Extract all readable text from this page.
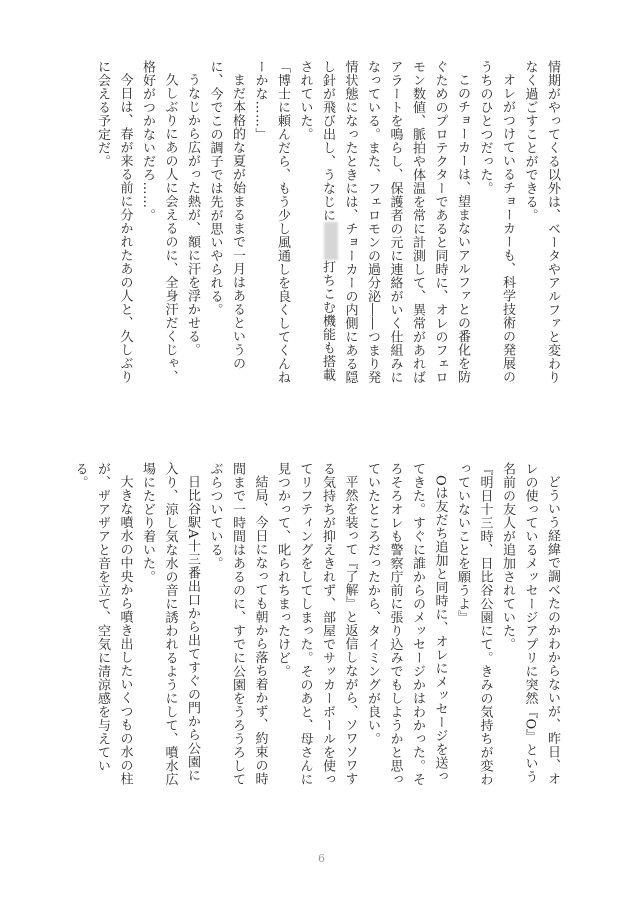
情期がやってくる以外は、ベータやアルファと変わりなく過ごすことができる。

オレがつけているチョーカーも、科学技術の発展のうちのひとつだった。

このチョーカーは、望まないアルファとの番化を防ぐためのプロテクターであると同時に、オレのフェロモン数値、脈拍や体温を常に計測して、異常があればアラートを鳴らし、保護者の元に連絡がいく仕組みになっている。また、フェロモンの過分泌――つまり発情状態になったときには、チョーカーの内側にある隠し針が飛び出し、うなじに打ちこむ機能も搭載されていた。

「博士に頼んだら、もう少し風通しを良くしてくんねーかな……」

まだ本格的な夏が始まるまで一月はあるというのに、今でこの調子では先が思いやられる。

うなじから広がった熱が、額に汗を浮かせる。

久しぶりにあの人に会えるのに、全身汗だくじゃ、格好がつかないだろ……。

今日は、春が来る前に分かれたあの人と、久しぶりに会える予定だ。

どういう経緯で調べたのかわからないが、昨日、オレの使っているメッセージアプリに突然『O』という名前の友人が追加されていた。

『明日十三時、日比谷公園にて。きみの気持ちが変わっていないことを願うよ』

Oは友だち追加と同時に、オレにメッセージを送ってきた。すぐに誰からのメッセージかはわかった。そろそろオレも警察庁前に張り込みでもしようかと思っていたところだったから、タイミングが良い。

平然を装って『了解』と返信しながら、ソワソワする気持ちが抑えきれず、部屋でサッカーボールを使ってリフティングをしてしまった。そのあと、母さんに見つかって、叱られちまったけど。

結局、今日になっても朝から落ち着かず、約束の時間まで一時間はあるのに、すでに公園をうろうろしてぶらついている。

日比谷駅A十三番出口から出てすぐの門から公園に入り、涼し気な水の音に誘われるようにして、噴水広場にたどり着いた。

大きな噴水の中央から噴き出したいくつもの水の柱が、ザアザアと音を立て、空気に清涼感を与えている。

6
